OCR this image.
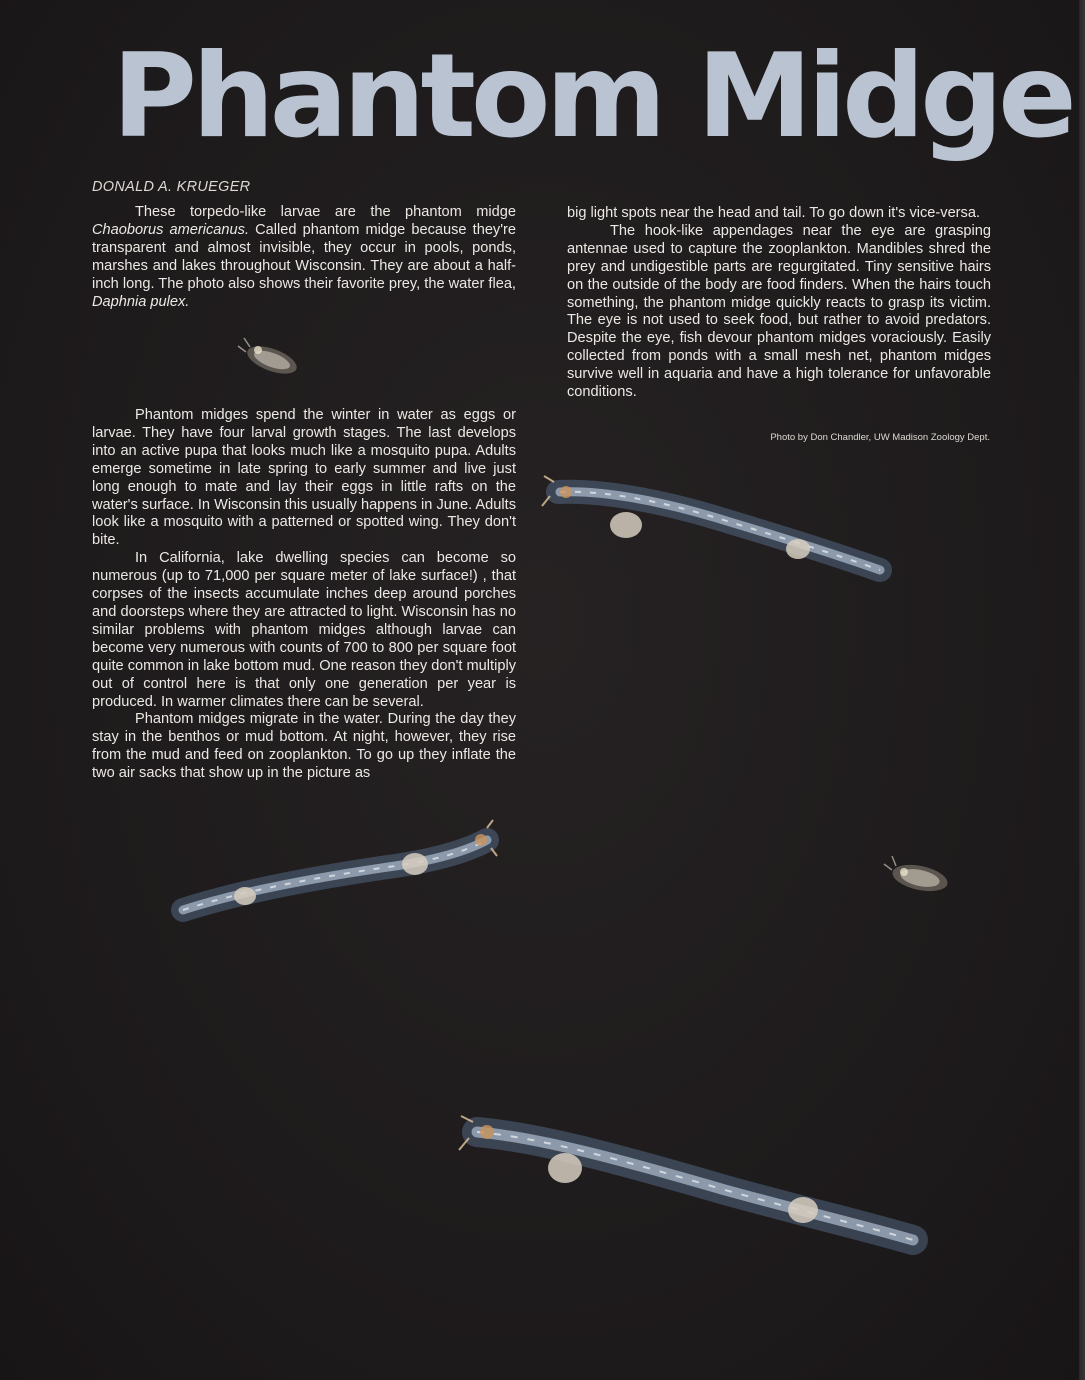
Phantom Midge
DONALD A. KRUEGER

These torpedo-like larvae are the phantom midge Chaoborus americanus. Called phantom midge because they're transparent and almost invisible, they occur in pools, ponds, marshes and lakes throughout Wisconsin. They are about a half-inch long. The photo also shows their favorite prey, the water flea, Daphnia pulex.

Phantom midges spend the winter in water as eggs or larvae. They have four larval growth stages. The last develops into an active pupa that looks much like a mosquito pupa. Adults emerge sometime in late spring to early summer and live just long enough to mate and lay their eggs in little rafts on the water's surface. In Wisconsin this usually happens in June. Adults look like a mosquito with a patterned or spotted wing. They don't bite.

In California, lake dwelling species can become so numerous (up to 71,000 per square meter of lake surface!) , that corpses of the insects accumulate inches deep around porches and doorsteps where they are attracted to light. Wisconsin has no similar problems with phantom midges although larvae can become very numerous with counts of 700 to 800 per square foot quite common in lake bottom mud. One reason they don't multiply out of control here is that only one generation per year is produced. In warmer climates there can be several.

Phantom midges migrate in the water. During the day they stay in the benthos or mud bottom. At night, however, they rise from the mud and feed on zooplankton. To go up they inflate the two air sacks that show up in the picture as

big light spots near the head and tail. To go down it's vice-versa.

The hook-like appendages near the eye are grasping antennae used to capture the zooplankton. Mandibles shred the prey and undigestible parts are regurgitated. Tiny sensitive hairs on the outside of the body are food finders. When the hairs touch something, the phantom midge quickly reacts to grasp its victim. The eye is not used to seek food, but rather to avoid predators. Despite the eye, fish devour phantom midges voraciously. Easily collected from ponds with a small mesh net, phantom midges survive well in aquaria and have a high tolerance for unfavorable conditions.

Photo by Don Chandler, UW Madison Zoology Dept.
